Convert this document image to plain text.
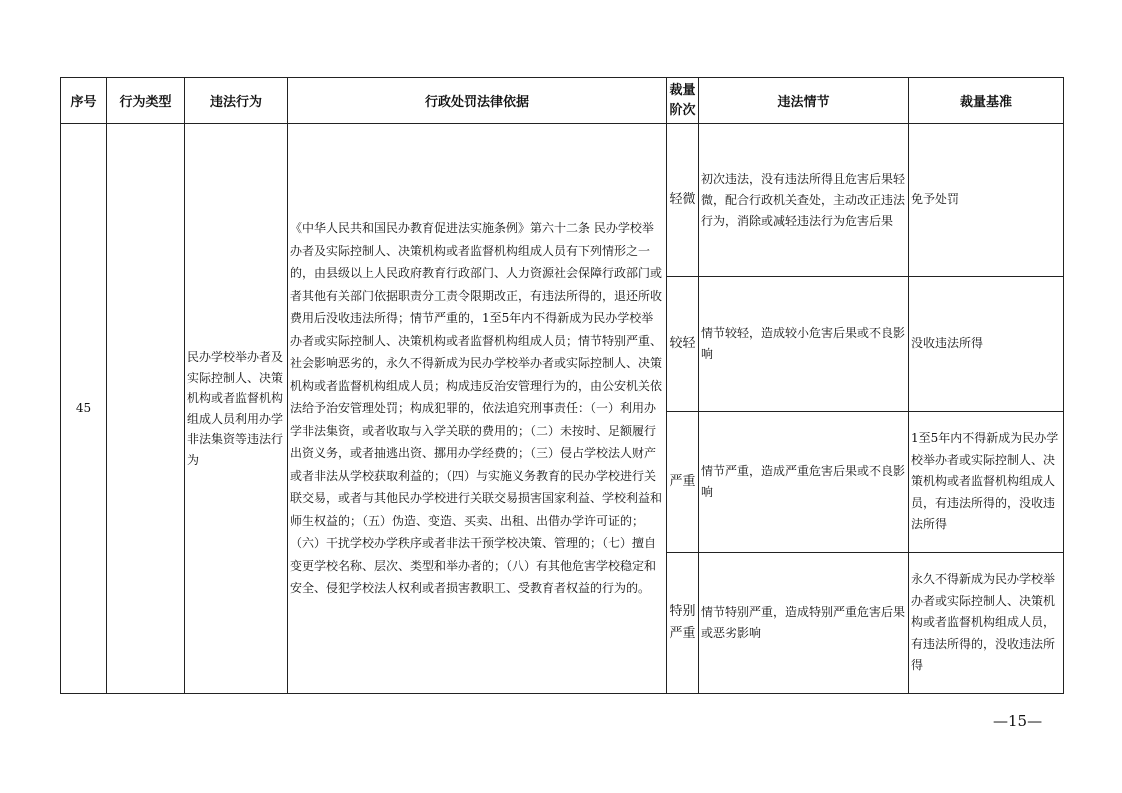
序号	行为类型	违法行为	行政处罚法律依据	裁量阶次	违法情节	裁量基准
45		民办学校举办者及实际控制人、决策机构或者监督机构组成人员利用办学非法集资等违法行为	《中华人民共和国民办教育促进法实施条例》第六十二条 民办学校举办者及实际控制人、决策机构或者监督机构组成人员有下列情形之一的，由县级以上人民政府教育行政部门、人力资源社会保障行政部门或者其他有关部门依据职责分工责令限期改正，有违法所得的，退还所收费用后没收违法所得；情节严重的，1至5年内不得新成为民办学校举办者或实际控制人、决策机构或者监督机构组成人员；情节特别严重、社会影响恶劣的，永久不得新成为民办学校举办者或实际控制人、决策机构或者监督机构组成人员；构成违反治安管理行为的，由公安机关依法给予治安管理处罚；构成犯罪的，依法追究刑事责任：（一）利用办学非法集资，或者收取与入学关联的费用的；（二）未按时、足额履行出资义务，或者抽逃出资、挪用办学经费的；（三）侵占学校法人财产或者非法从学校获取利益的；（四）与实施义务教育的民办学校进行关联交易，或者与其他民办学校进行关联交易损害国家利益、学校利益和师生权益的；（五）伪造、变造、买卖、出租、出借办学许可证的；（六）干扰学校办学秩序或者非法干预学校决策、管理的；（七）擅自变更学校名称、层次、类型和举办者的；（八）有其他危害学校稳定和安全、侵犯学校法人权利或者损害教职工、受教育者权益的行为的。	轻微	初次违法，没有违法所得且危害后果轻微，配合行政机关查处，主动改正违法行为，消除或减轻违法行为危害后果	免予处罚
				较轻	情节较轻，造成较小危害后果或不良影响	没收违法所得
				严重	情节严重，造成严重危害后果或不良影响	1至5年内不得新成为民办学校举办者或实际控制人、决策机构或者监督机构组成人员，有违法所得的，没收违法所得
				特别严重	情节特别严重，造成特别严重危害后果或恶劣影响	永久不得新成为民办学校举办者或实际控制人、决策机构或者监督机构组成人员，有违法所得的，没收违法所得
—15—
